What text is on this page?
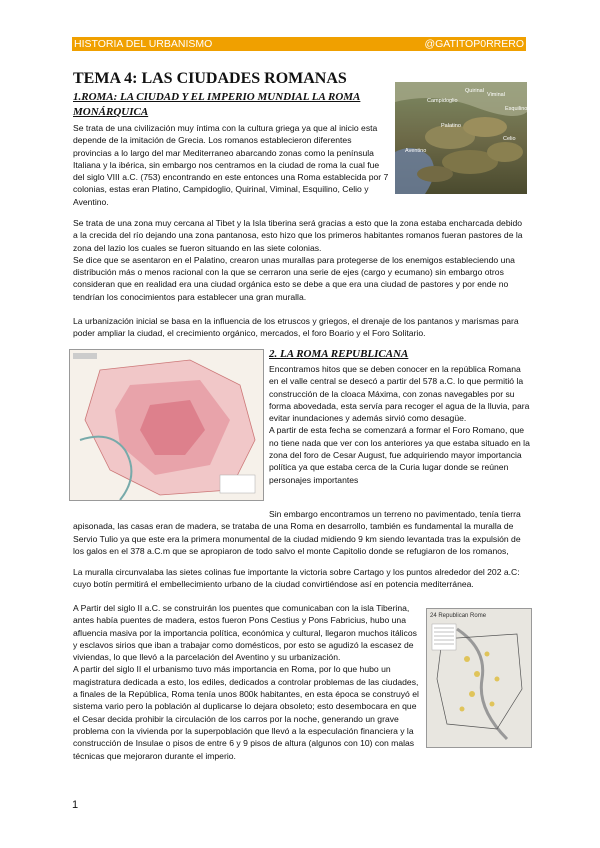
HISTORIA DEL URBANISMO	@GATITOP0RRERO
TEMA 4: LAS CIUDADES ROMANAS
1.ROMA: LA CIUDAD Y EL IMPERIO MUNDIAL LA ROMA MONÁRQUICA
Se trata de una civilización muy íntima con la cultura griega ya que al inicio esta depende de la imitación de Grecia. Los romanos establecieron diferentes provincias a lo largo del mar Mediterraneo abarcando zonas como la península Italiana y la ibérica, sin embargo nos centramos en la ciudad de roma la cual fue del siglo VIII a.C. (753) encontrando en este entonces una Roma establecida por 7 colonias, estas eran Platino, Campidoglio, Quirinal, Viminal, Esquilino, Celio y Aventino.
Campidoglio
Quirinal
Viminal
Esquilino
Celio
Aventino
Palatino

Se trata de una zona muy cercana al Tibet y la Isla tiberina será gracias a esto que la zona estaba encharcada debido a la crecida del río dejando una zona pantanosa, esto hizo que los primeros habitantes romanos fueran pastores de la zona del lazio los cuales se fueron situando en las siete colonias.

Se dice que se asentaron en el Palatino, crearon unas murallas para protegerse de los enemigos estableciendo una distribución más o menos racional con la que se cerraron una serie de ejes (cargo y ecumano) sin embargo otros consideran que en realidad era una ciudad orgánica esto se debe a que era una ciudad de pastores y por ende no tendrían los conocimientos para establecer una gran muralla.

La urbanización inicial se basa en la influencia de los etruscos y griegos, el drenaje de los pantanos y marismas para poder ampliar la ciudad, el crecimiento orgánico, mercados, el foro Boario y el Foro Solitario.

2. LA ROMA REPUBLICANA

Encontramos hitos que se deben conocer en la república Romana en el valle central se desecó a partir del 578 a.C. lo que permitió la construcción de la cloaca Máxima, con zonas navegables por su forma abovedada, esta servía para recoger el agua de la lluvia, para evitar inundaciones y además sirvió como desagüe.

A partir de esta fecha se comenzará a formar el Foro Romano, que no tiene nada que ver con los anteriores ya que estaba situado en la zona del foro de Cesar August, fue adquiriendo mayor importancia política ya que estaba cerca de la Curia lugar donde se reúnen personajes importantes

Sin embargo encontramos un terreno no pavimentado, tenía tierra apisonada, las casas eran de madera, se trataba de una Roma en desarrollo, también es fundamental la muralla de Servio Tulio ya que este era la primera monumental de la ciudad midiendo 9 km siendo levantada tras la expulsión de los galos en el 378 a.C.m que se apropiaron de todo salvo el monte Capitolio donde se refugiaron de los romanos,
La muralla circunvalaba las sietes colinas fue importante la victoria sobre Cartago y los puntos alrededor del 202 a.C: cuyo botín permitirá el embellecimiento urbano de la ciudad convirtiéndose así en potencia mediterránea.

A Partir del siglo II a.C. se construirán los puentes que comunicaban con la isla Tiberina, antes había puentes de madera, estos fueron Pons Cestius y Pons Fabricius, hubo una afluencia masiva por la importancia política, económica y cultural, llegaron muchos itálicos y esclavos sirios que iban a trabajar como domésticos, por esto se agudizó la escasez de viviendas, lo que llevó a la parcelación del Aventino y su urbanización.

A partir del siglo II el urbanismo tuvo más importancia en Roma, por lo que hubo un magistratura dedicada a esto, los ediles, dedicados a controlar problemas de las ciudades, a finales de la República, Roma tenía unos 800k habitantes, en esta época se construyó el sistema vario pero la población al duplicarse lo dejara obsoleto; esto desembocara en que el Cesar decida prohibir la circulación de los carros por la noche, generando un grave problema con la vivienda por la superpoblación que llevó a la especulación financiera y la construcción de Insulae o pisos de entre 6 y 9 pisos de altura (algunos con 10) con malas técnicas que mejoraron durante el imperio.

24 Republican Rome
1
